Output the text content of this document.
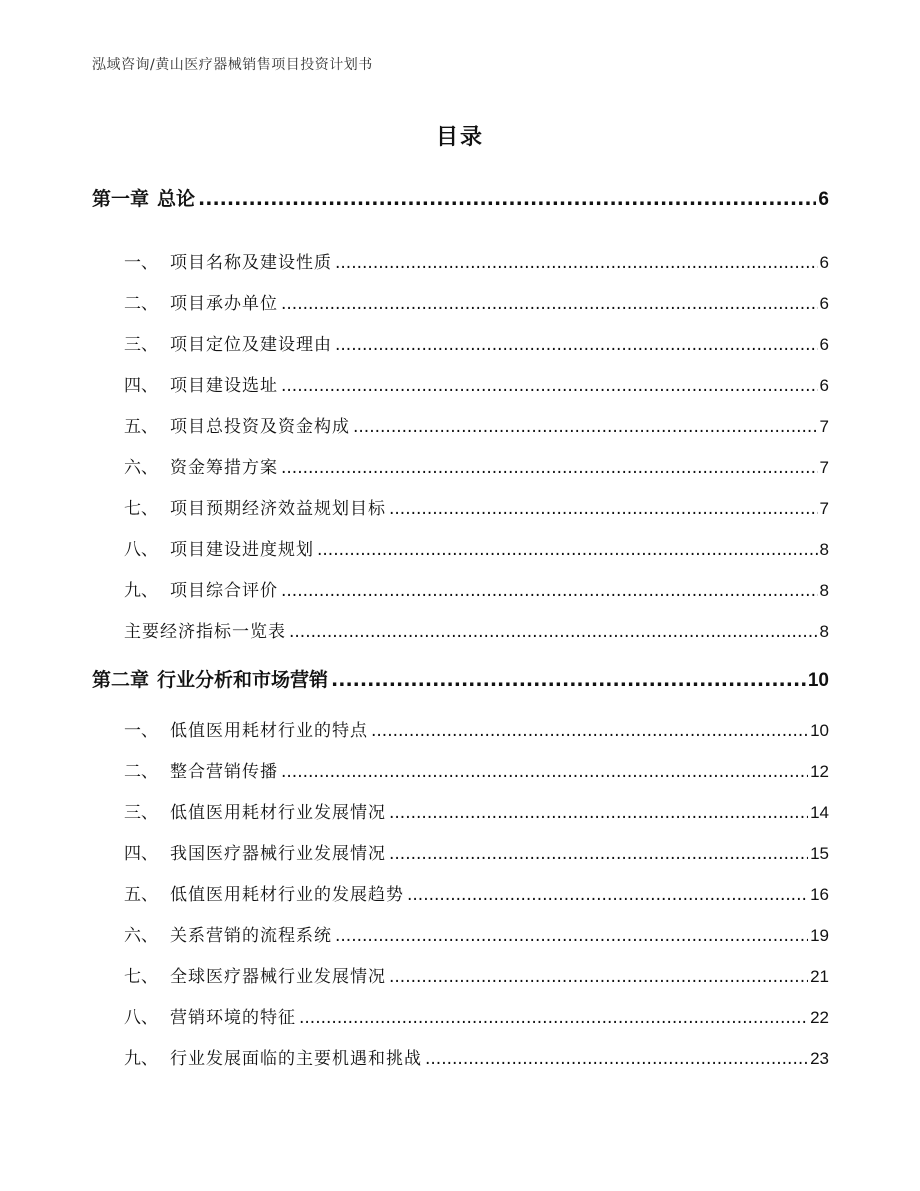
泓域咨询/黄山医疗器械销售项目投资计划书
目录
第一章 总论 .....	6
一、 项目名称及建设性质 .....	6
二、 项目承办单位 .....	6
三、 项目定位及建设理由 .....	6
四、 项目建设选址 .....	6
五、 项目总投资及资金构成 .....	7
六、 资金筹措方案 .....	7
七、 项目预期经济效益规划目标 .....	7
八、 项目建设进度规划 .....	8
九、 项目综合评价 .....	8
主要经济指标一览表 .....	8
第二章 行业分析和市场营销 .....	10
一、 低值医用耗材行业的特点 .....	10
二、 整合营销传播 .....	12
三、 低值医用耗材行业发展情况 .....	14
四、 我国医疗器械行业发展情况 .....	15
五、 低值医用耗材行业的发展趋势 .....	16
六、 关系营销的流程系统 .....	19
七、 全球医疗器械行业发展情况 .....	21
八、 营销环境的特征 .....	22
九、 行业发展面临的主要机遇和挑战 .....	23
